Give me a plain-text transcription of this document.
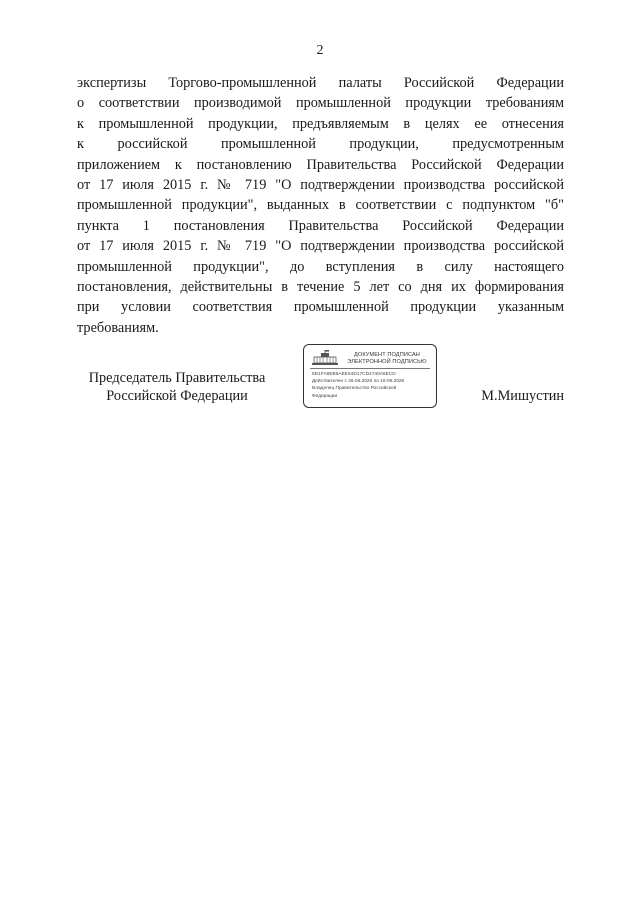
2
экспертизы Торгово-промышленной палаты Российской Федерации
о соответствии производимой промышленной продукции требованиям
к промышленной продукции, предъявляемым в целях ее отнесения
к российской промышленной продукции, предусмотренным
приложением к постановлению Правительства Российской Федерации
от 17 июля 2015 г. № 719 "О подтверждении производства российской
промышленной продукции", выданных в соответствии с подпунктом "б"
пункта 1 постановления Правительства Российской Федерации
от 17 июля 2015 г. № 719 "О подтверждении производства российской
промышленной продукции", до вступления в силу настоящего
постановления, действительны в течение 5 лет со дня их формирования
при условии соответствия промышленной продукции указанным
требованиям.
Председатель Правительства
Российской Федерации
ДОКУМЕНТ ПОДПИСАН
ЭЛЕКТРОННОЙ ПОДПИСЬЮ
5D1FA9EB6AEE54D17CD4740A6ECD
Действителен с 26.06.2025 по 19.09.2026
Владелец Правительство Российской
Федерации	М.Мишустин
